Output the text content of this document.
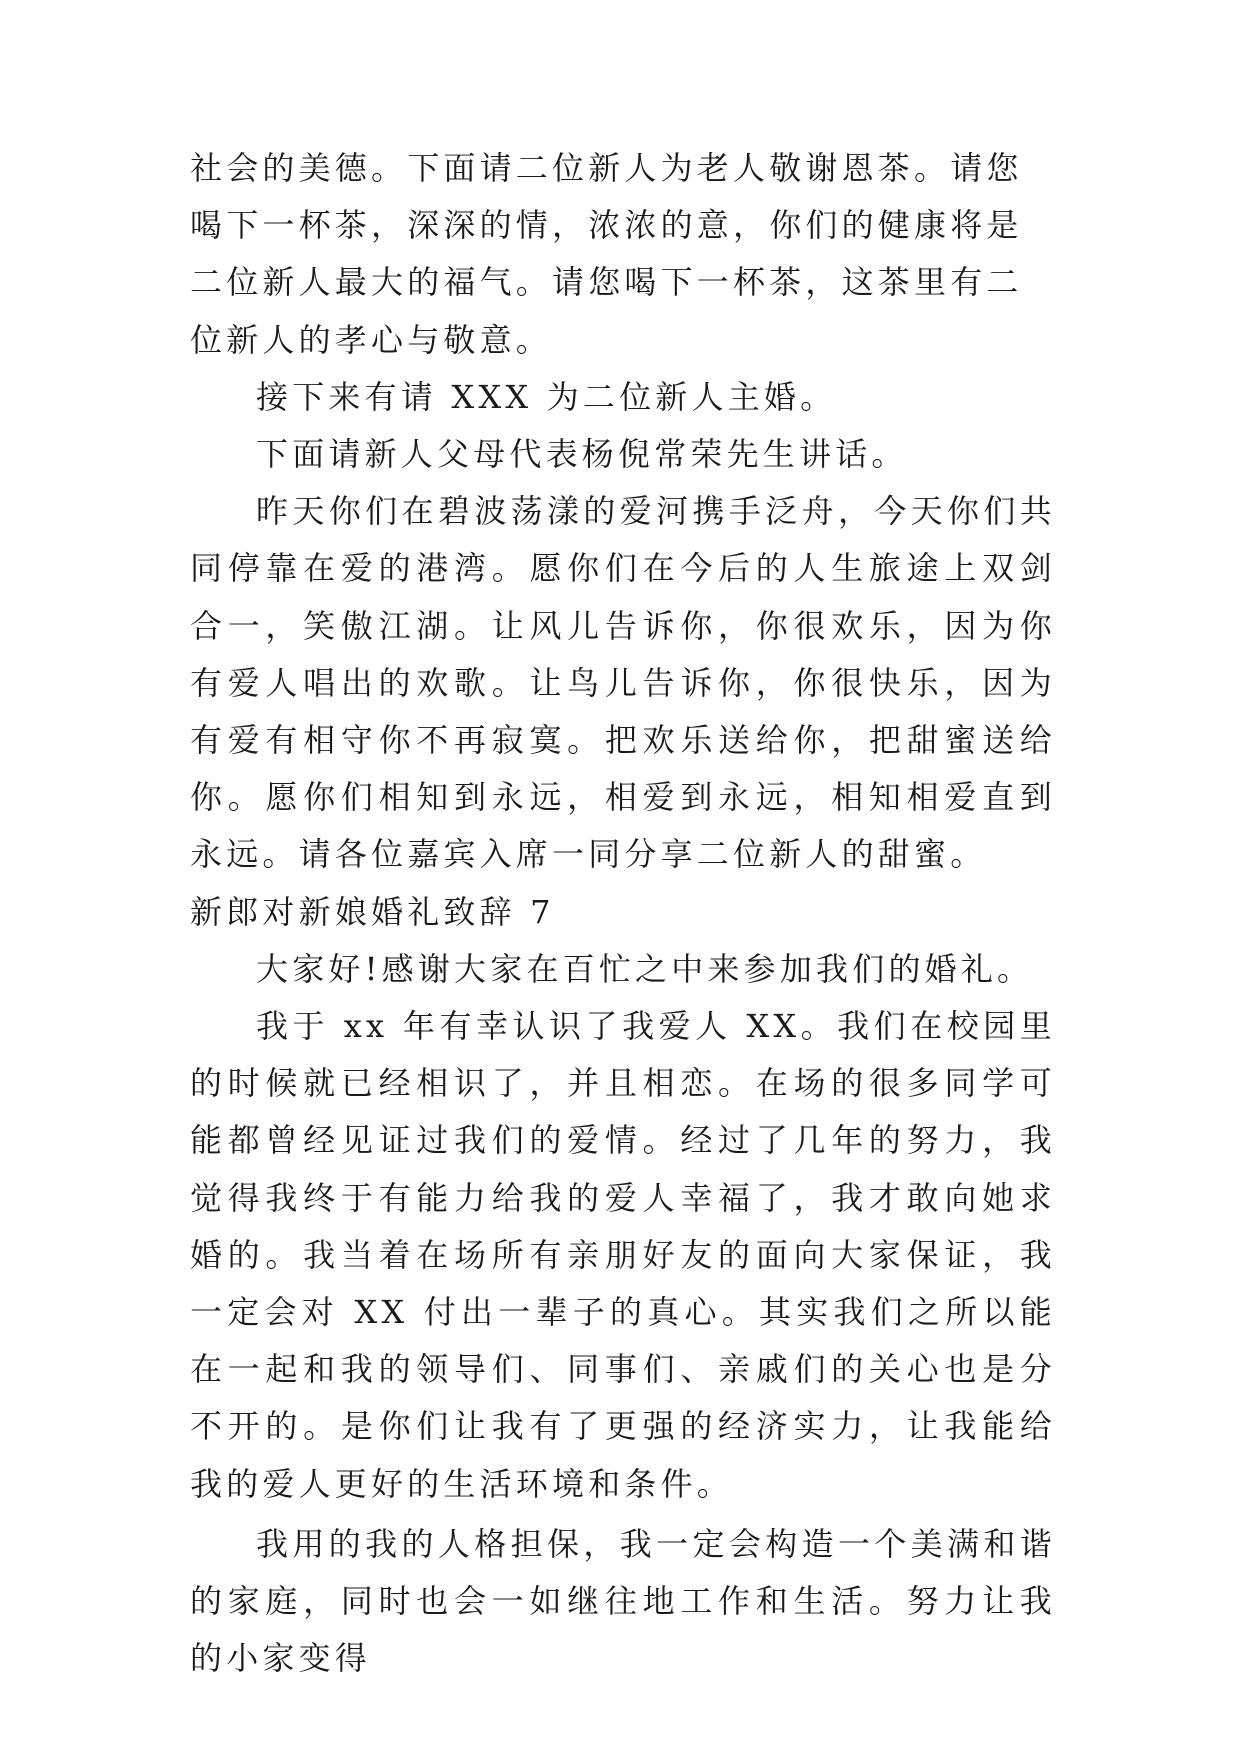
社会的美德。下面请二位新人为老人敬谢恩茶。请您喝下一杯茶，深深的情，浓浓的意，你们的健康将是二位新人最大的福气。请您喝下一杯茶，这茶里有二位新人的孝心与敬意。

接下来有请 XXX 为二位新人主婚。

下面请新人父母代表杨倪常荣先生讲话。

昨天你们在碧波荡漾的爱河携手泛舟，今天你们共同停靠在爱的港湾。愿你们在今后的人生旅途上双剑合一，笑傲江湖。让风儿告诉你，你很欢乐，因为你有爱人唱出的欢歌。让鸟儿告诉你，你很快乐，因为有爱有相守你不再寂寞。把欢乐送给你，把甜蜜送给你。愿你们相知到永远，相爱到永远，相知相爱直到永远。请各位嘉宾入席一同分享二位新人的甜蜜。

新郎对新娘婚礼致辞 7

大家好!感谢大家在百忙之中来参加我们的婚礼。

我于 xx 年有幸认识了我爱人 XX。我们在校园里的时候就已经相识了，并且相恋。在场的很多同学可能都曾经见证过我们的爱情。经过了几年的努力，我觉得我终于有能力给我的爱人幸福了，我才敢向她求婚的。我当着在场所有亲朋好友的面向大家保证，我一定会对 XX 付出一辈子的真心。其实我们之所以能在一起和我的领导们、同事们、亲戚们的关心也是分不开的。是你们让我有了更强的经济实力，让我能给我的爱人更好的生活环境和条件。

我用的我的人格担保，我一定会构造一个美满和谐的家庭，同时也会一如继往地工作和生活。努力让我的小家变得
